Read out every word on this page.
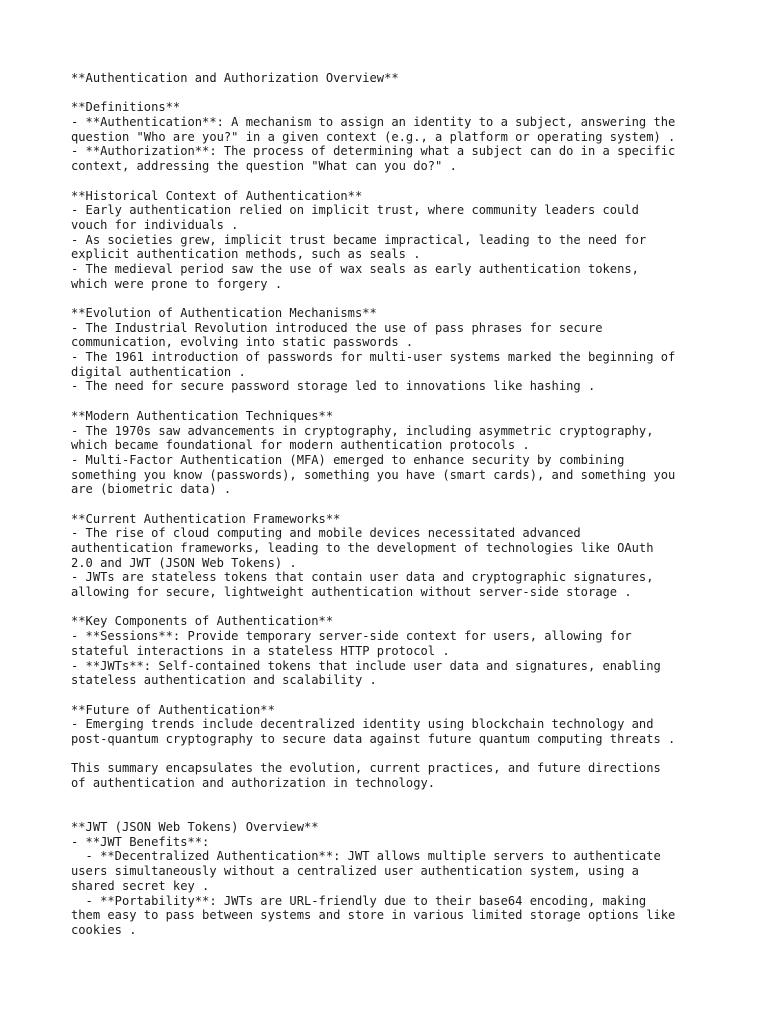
**Authentication and Authorization Overview**
**Definitions**
- **Authentication**: A mechanism to assign an identity to a subject, answering the
question "Who are you?" in a given context (e.g., a platform or operating system) .
- **Authorization**: The process of determining what a subject can do in a specific
context, addressing the question "What can you do?" .
**Historical Context of Authentication**
- Early authentication relied on implicit trust, where community leaders could
vouch for individuals .
- As societies grew, implicit trust became impractical, leading to the need for
explicit authentication methods, such as seals .
- The medieval period saw the use of wax seals as early authentication tokens,
which were prone to forgery .
**Evolution of Authentication Mechanisms**
- The Industrial Revolution introduced the use of pass phrases for secure
communication, evolving into static passwords .
- The 1961 introduction of passwords for multi-user systems marked the beginning of
digital authentication .
- The need for secure password storage led to innovations like hashing .
**Modern Authentication Techniques**
- The 1970s saw advancements in cryptography, including asymmetric cryptography,
which became foundational for modern authentication protocols .
- Multi-Factor Authentication (MFA) emerged to enhance security by combining
something you know (passwords), something you have (smart cards), and something you
are (biometric data) .
**Current Authentication Frameworks**
- The rise of cloud computing and mobile devices necessitated advanced
authentication frameworks, leading to the development of technologies like OAuth
2.0 and JWT (JSON Web Tokens) .
- JWTs are stateless tokens that contain user data and cryptographic signatures,
allowing for secure, lightweight authentication without server-side storage .
**Key Components of Authentication**
- **Sessions**: Provide temporary server-side context for users, allowing for
stateful interactions in a stateless HTTP protocol .
- **JWTs**: Self-contained tokens that include user data and signatures, enabling
stateless authentication and scalability .
**Future of Authentication**
- Emerging trends include decentralized identity using blockchain technology and
post-quantum cryptography to secure data against future quantum computing threats .
This summary encapsulates the evolution, current practices, and future directions
of authentication and authorization in technology.
**JWT (JSON Web Tokens) Overview**
- **JWT Benefits**:
- **Decentralized Authentication**: JWT allows multiple servers to authenticate
users simultaneously without a centralized user authentication system, using a
shared secret key .
- **Portability**: JWTs are URL-friendly due to their base64 encoding, making
them easy to pass between systems and store in various limited storage options like
cookies .
